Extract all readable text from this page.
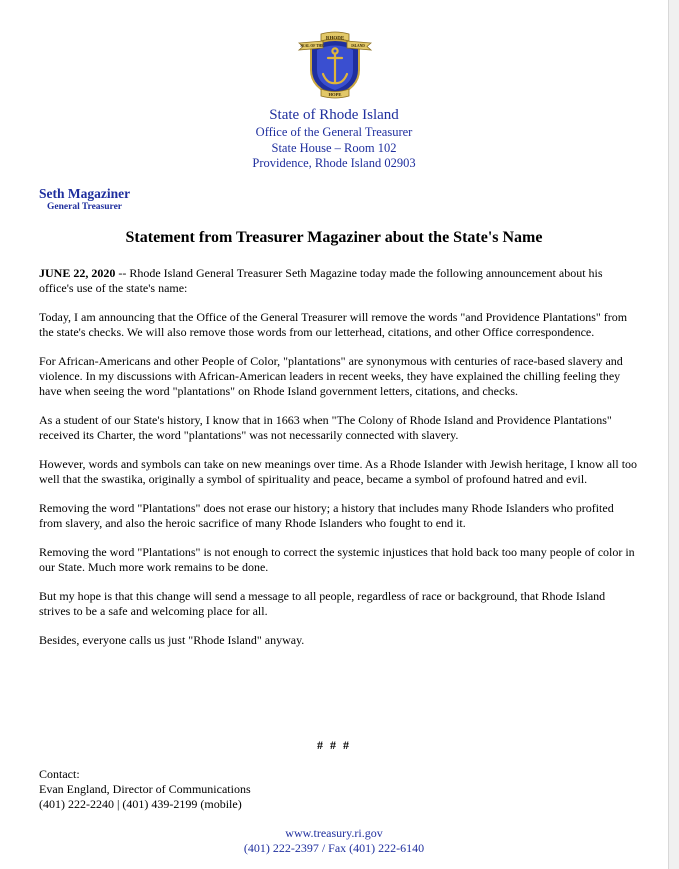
RHODE
SEAL OF THE	ISLAND
HOPE
State of Rhode Island
Office of the General Treasurer
State House – Room 102
Providence, Rhode Island 02903
Seth Magaziner
General Treasurer
Statement from Treasurer Magaziner about the State's Name

JUNE 22, 2020 -- Rhode Island General Treasurer Seth Magazine today made the following announcement about his office's use of the state's name:

Today, I am announcing that the Office of the General Treasurer will remove the words "and Providence Plantations" from the state's checks. We will also remove those words from our letterhead, citations, and other Office correspondence.

For African-Americans and other People of Color, "plantations" are synonymous with centuries of race-based slavery and violence. In my discussions with African-American leaders in recent weeks, they have explained the chilling feeling they have when seeing the word "plantations" on Rhode Island government letters, citations, and checks.

As a student of our State's history, I know that in 1663 when "The Colony of Rhode Island and Providence Plantations" received its Charter, the word "plantations" was not necessarily connected with slavery.

However, words and symbols can take on new meanings over time. As a Rhode Islander with Jewish heritage, I know all too well that the swastika, originally a symbol of spirituality and peace, became a symbol of profound hatred and evil.

Removing the word "Plantations" does not erase our history; a history that includes many Rhode Islanders who profited from slavery, and also the heroic sacrifice of many Rhode Islanders who fought to end it.

Removing the word "Plantations" is not enough to correct the systemic injustices that hold back too many people of color in our State. Much more work remains to be done.

But my hope is that this change will send a message to all people, regardless of race or background, that Rhode Island strives to be a safe and welcoming place for all.

Besides, everyone calls us just "Rhode Island" anyway.

# # #
Contact:
Evan England, Director of Communications
(401) 222-2240 | (401) 439-2199 (mobile)
www.treasury.ri.gov
(401) 222-2397 / Fax (401) 222-6140
